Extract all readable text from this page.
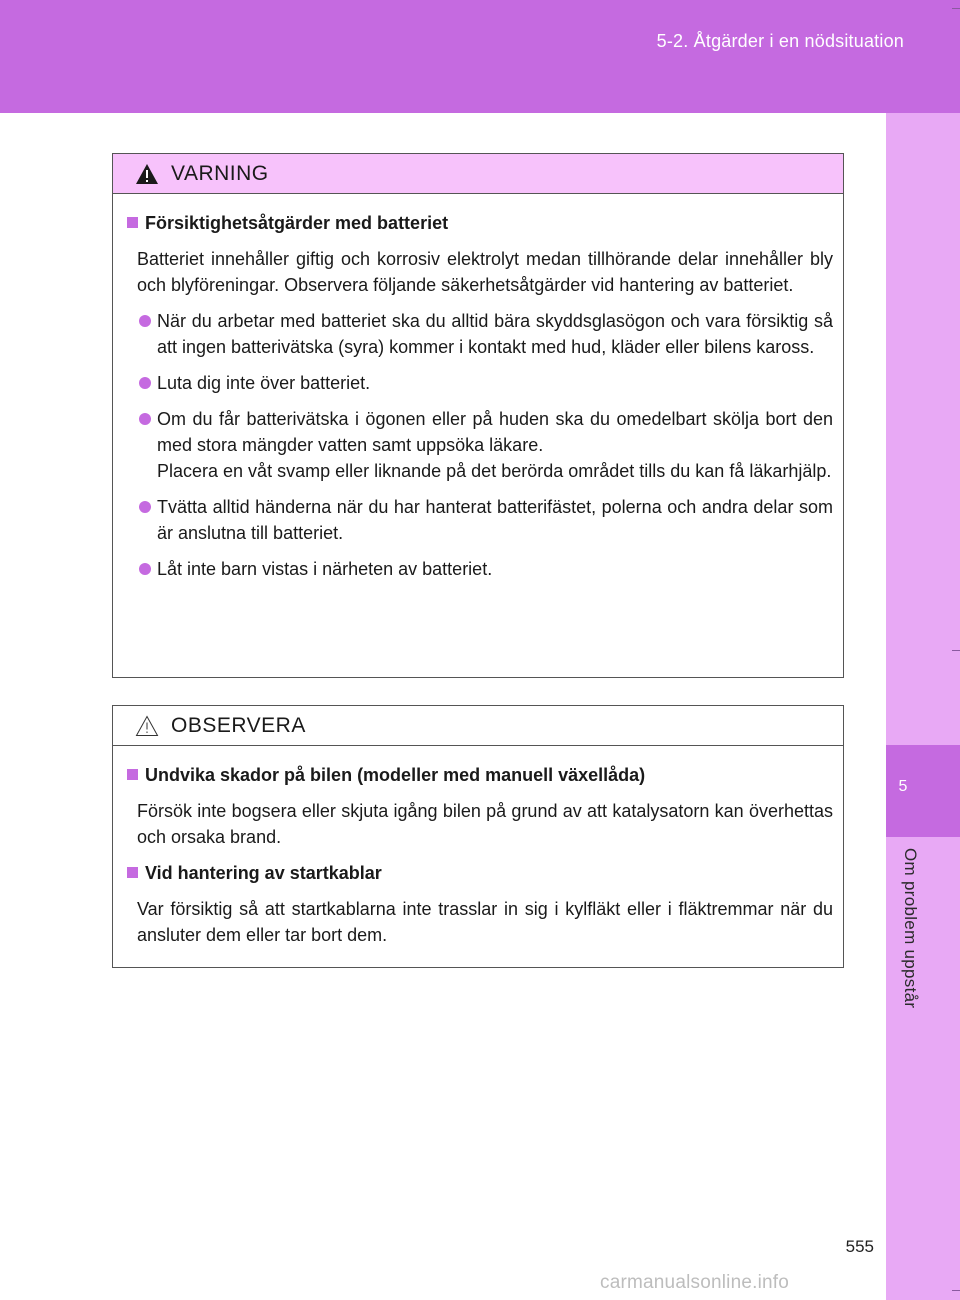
5-2. Åtgärder i en nödsituation
5
Om problem uppstår
VARNING
Försiktighetsåtgärder med batteriet
Batteriet innehåller giftig och korrosiv elektrolyt medan tillhörande delar innehåller bly och blyföreningar. Observera följande säkerhetsåtgärder vid hantering av batteriet.
När du arbetar med batteriet ska du alltid bära skyddsglasögon och vara försiktig så att ingen batterivätska (syra) kommer i kontakt med hud, kläder eller bilens kaross.
Luta dig inte över batteriet.
Om du får batterivätska i ögonen eller på huden ska du omedelbart skölja bort den med stora mängder vatten samt uppsöka läkare.
Placera en våt svamp eller liknande på det berörda området tills du kan få läkarhjälp.
Tvätta alltid händerna när du har hanterat batterifästet, polerna och andra delar som är anslutna till batteriet.
Låt inte barn vistas i närheten av batteriet.
OBSERVERA
Undvika skador på bilen (modeller med manuell växellåda)
Försök inte bogsera eller skjuta igång bilen på grund av att katalysatorn kan överhettas och orsaka brand.
Vid hantering av startkablar
Var försiktig så att startkablarna inte trasslar in sig i kylfläkt eller i fläktremmar när du ansluter dem eller tar bort dem.
555
carmanualsonline.info
